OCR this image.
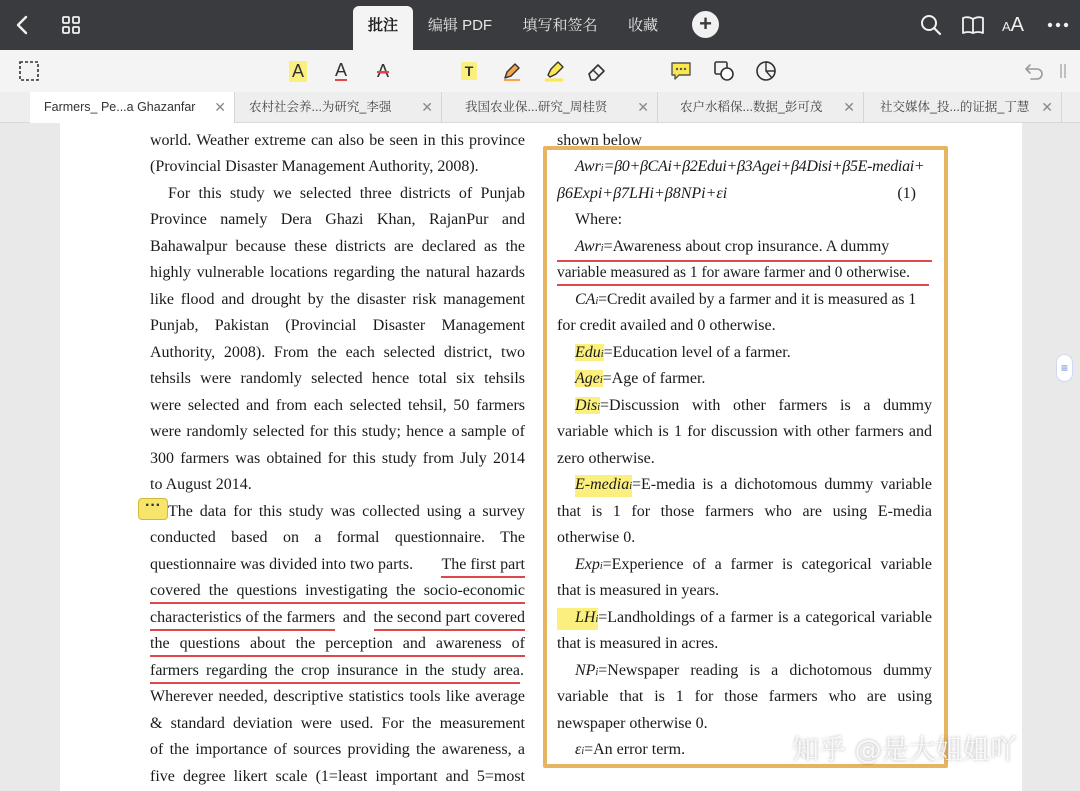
批注	编辑 PDF	填写和签名	收藏	+	AA
A A A	T
Farmers_ Pe...a Ghazanfar ✕	农村社会养...为研究_李强 ✕	我国农业保...研究_周桂贤 ✕	农户水稻保...数据_彭可茂 ✕	社交媒体_投...的证据_丁慧 ✕
world. Weather extreme can also be seen in this province
(Provincial Disaster Management Authority, 2008).
For this study we selected three districts of Punjab
Province namely Dera Ghazi Khan, RajanPur and
Bahawalpur because these districts are declared as the
highly vulnerable locations regarding the natural hazards
like flood and drought by the disaster risk management
Punjab, Pakistan (Provincial Disaster Management
Authority, 2008). From the each selected district, two
tehsils were randomly selected hence total six tehsils
were selected and from each selected tehsil, 50 farmers
were randomly selected for this study; hence a sample of
300 farmers was obtained for this study from July 2014
to August 2014.
··· The data for this study was collected using a survey
conducted based on a formal questionnaire. The
questionnaire was divided into two parts. The first part
covered the questions investigating the socio-economic
characteristics of the farmers and the second part covered
the questions about the perception and awareness of
farmers regarding the crop insurance in the study area.
Wherever needed, descriptive statistics tools like average
& standard deviation were used. For the measurement
of the importance of sources providing the awareness, a
five degree likert scale (1=least important and 5=most
shown below
Awri=β0+βCAi+β2Edui+β3Agei+β4Disi+β5E-mediai+
β6Expi+β7LHi+β8NPi+εi	(1)
Where:
Awri=Awareness about crop insurance. A dummy
variable measured as 1 for aware farmer and 0 otherwise.
CAi=Credit availed by a farmer and it is measured as 1
for credit availed and 0 otherwise.
Edui=Education level of a farmer.
Agei=Age of farmer.
Disi =Discussion with other farmers is a dummy
variable which is 1 for discussion with other farmers and
zero otherwise.
E-mediai =E-media is a dichotomous dummy variable
that is 1 for those farmers who are using E-media
otherwise 0.
Expi =Experience of a farmer is categorical variable
that is measured in years.
LHi =Landholdings of a farmer is a categorical variable
that is measured in acres.
NPi =Newspaper reading is a dichotomous dummy
variable that is 1 for those farmers who are using
newspaper otherwise 0.
εi=An error term.
≡
知乎 @是大姐姐吖
